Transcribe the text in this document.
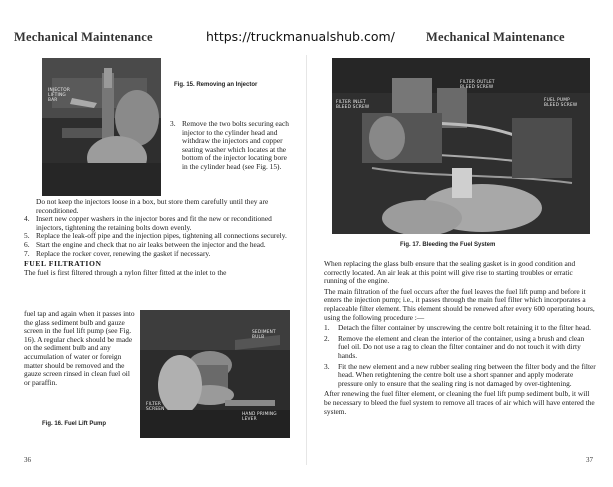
Mechanical Maintenance
INJECTOR
LIFTING
BAR
Fig. 15. Removing an Injector
3. Remove the two bolts securing each injector to the cylinder head and withdraw the injectors and copper seating washer which locates at the bottom of the injector locating bore in the cylinder head (see Fig. 15).

Do not keep the injectors loose in a box, but store them carefully until they are reconditioned.

4. Insert new copper washers in the injector bores and fit the new or reconditioned injectors, tightening the retaining bolts down evenly.
5. Replace the leak-off pipe and the injection pipes, tightening all connections securely.
6. Start the engine and check that no air leaks between the injector and the head.
7. Replace the rocker cover, renewing the gasket if necessary.
FUEL FILTRATION

The fuel is first filtered through a nylon filter fitted at the inlet to the

fuel tap and again when it passes into the glass sediment bulb and gauze screen in the fuel lift pump (see Fig. 16). A regular check should be made on the sediment bulb and any accumulation of water or foreign matter should be removed and the gauze screen rinsed in clean fuel oil or paraffin.
SEDIMENT
BULB
FILTER
SCREEN
HAND PRIMING
LEVER
Fig. 16. Fuel Lift Pump
36
https://truckmanualshub.com/ Mechanical Maintenance
FILTER OUTLET
BLEED SCREW
FILTER INLET
BLEED SCREW
FUEL PUMP
BLEED SCREW
Fig. 17. Bleeding the Fuel System

When replacing the glass bulb ensure that the sealing gasket is in good condition and correctly located. An air leak at this point will give rise to starting troubles or erratic running of the engine.

The main filtration of the fuel occurs after the fuel leaves the fuel lift pump and before it enters the injection pump; i.e., it passes through the main fuel filter which incorporates a replaceable filter element. This element should be renewed after every 600 operating hours, using the following procedure :—

1. Detach the filter container by unscrewing the centre bolt retaining it to the filter head.
2. Remove the element and clean the interior of the container, using a brush and clean fuel oil. Do not use a rag to clean the filter container and do not touch it with dirty hands.
3. Fit the new element and a new rubber sealing ring between the filter body and the filter head. When retightening the centre bolt use a short spanner and apply moderate pressure only to ensure that the sealing ring is not damaged by over-tightening.

After renewing the fuel filter element, or cleaning the fuel lift pump sediment bulb, it will be necessary to bleed the fuel system to remove all traces of air which will have entered the system.

37
